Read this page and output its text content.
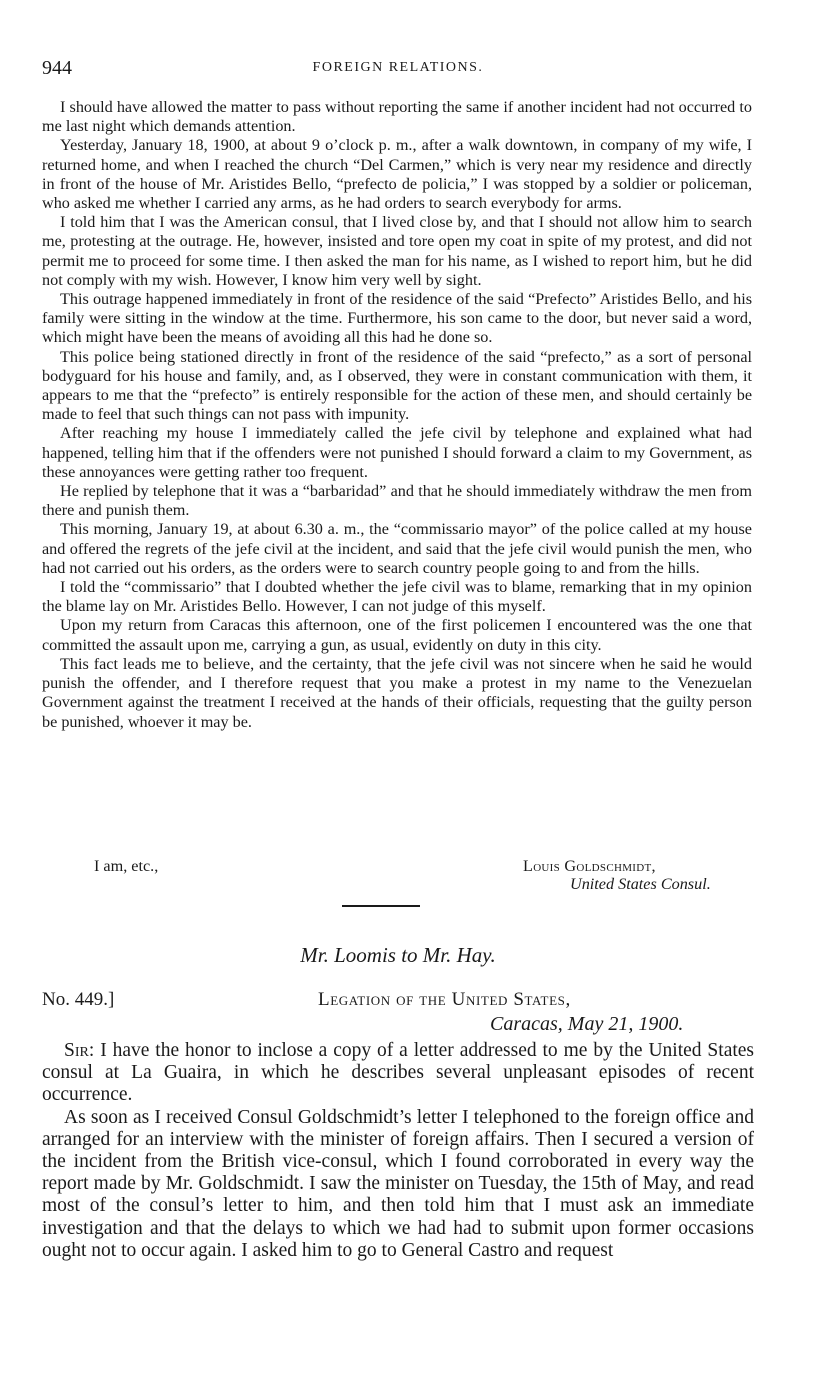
944	FOREIGN RELATIONS.

I should have allowed the matter to pass without reporting the same if another incident had not occurred to me last night which demands attention.

Yesterday, January 18, 1900, at about 9 o’clock p. m., after a walk downtown, in company of my wife, I returned home, and when I reached the church “Del Carmen,” which is very near my residence and directly in front of the house of Mr. Aristides Bello, “prefecto de policia,” I was stopped by a soldier or policeman, who asked me whether I carried any arms, as he had orders to search everybody for arms.

I told him that I was the American consul, that I lived close by, and that I should not allow him to search me, protesting at the outrage. He, however, insisted and tore open my coat in spite of my protest, and did not permit me to proceed for some time. I then asked the man for his name, as I wished to report him, but he did not comply with my wish. However, I know him very well by sight.

This outrage happened immediately in front of the residence of the said “Prefecto” Aristides Bello, and his family were sitting in the window at the time. Furthermore, his son came to the door, but never said a word, which might have been the means of avoiding all this had he done so.

This police being stationed directly in front of the residence of the said “prefecto,” as a sort of personal bodyguard for his house and family, and, as I observed, they were in constant communication with them, it appears to me that the “prefecto” is entirely responsible for the action of these men, and should certainly be made to feel that such things can not pass with impunity.

After reaching my house I immediately called the jefe civil by telephone and explained what had happened, telling him that if the offenders were not punished I should forward a claim to my Government, as these annoyances were getting rather too frequent.

He replied by telephone that it was a “barbaridad” and that he should immediately withdraw the men from there and punish them.

This morning, January 19, at about 6.30 a. m., the “commissario mayor” of the police called at my house and offered the regrets of the jefe civil at the incident, and said that the jefe civil would punish the men, who had not carried out his orders, as the orders were to search country people going to and from the hills.

I told the “commissario” that I doubted whether the jefe civil was to blame, remarking that in my opinion the blame lay on Mr. Aristides Bello. However, I can not judge of this myself.

Upon my return from Caracas this afternoon, one of the first policemen I encountered was the one that committed the assault upon me, carrying a gun, as usual, evidently on duty in this city.

This fact leads me to believe, and the certainty, that the jefe civil was not sincere when he said he would punish the offender, and I therefore request that you make a protest in my name to the Venezuelan Government against the treatment I received at the hands of their officials, requesting that the guilty person be punished, whoever it may be.

I am, etc.,	Louis Goldschmidt,
United States Consul.
Mr. Loomis to Mr. Hay.
No. 449.]	Legation of the United States,
Caracas, May 21, 1900.

Sir: I have the honor to inclose a copy of a letter addressed to me by the United States consul at La Guaira, in which he describes several unpleasant episodes of recent occurrence.

As soon as I received Consul Goldschmidt’s letter I telephoned to the foreign office and arranged for an interview with the minister of foreign affairs. Then I secured a version of the incident from the British vice-consul, which I found corroborated in every way the report made by Mr. Goldschmidt. I saw the minister on Tuesday, the 15th of May, and read most of the consul’s letter to him, and then told him that I must ask an immediate investigation and that the delays to which we had had to submit upon former occasions ought not to occur again. I asked him to go to General Castro and request
